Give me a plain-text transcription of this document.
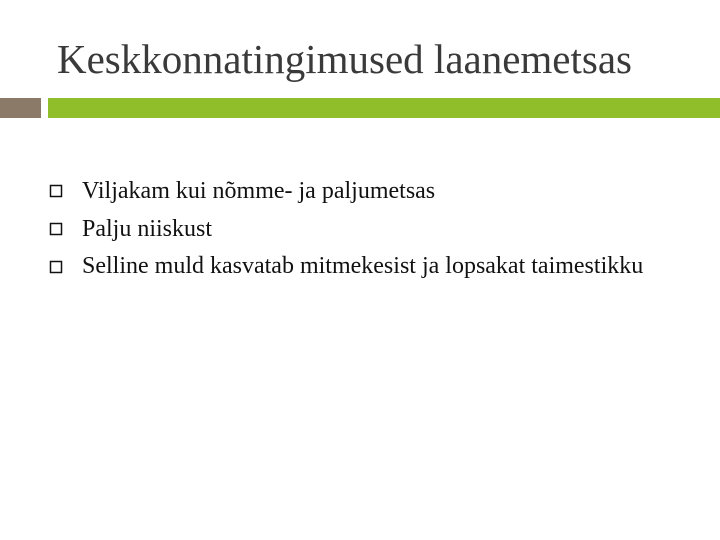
Keskkonnatingimused laanemetsas
Viljakam kui nõmme- ja paljumetsas
Palju niiskust
Selline muld kasvatab mitmekesist ja lopsakat taimestikku
